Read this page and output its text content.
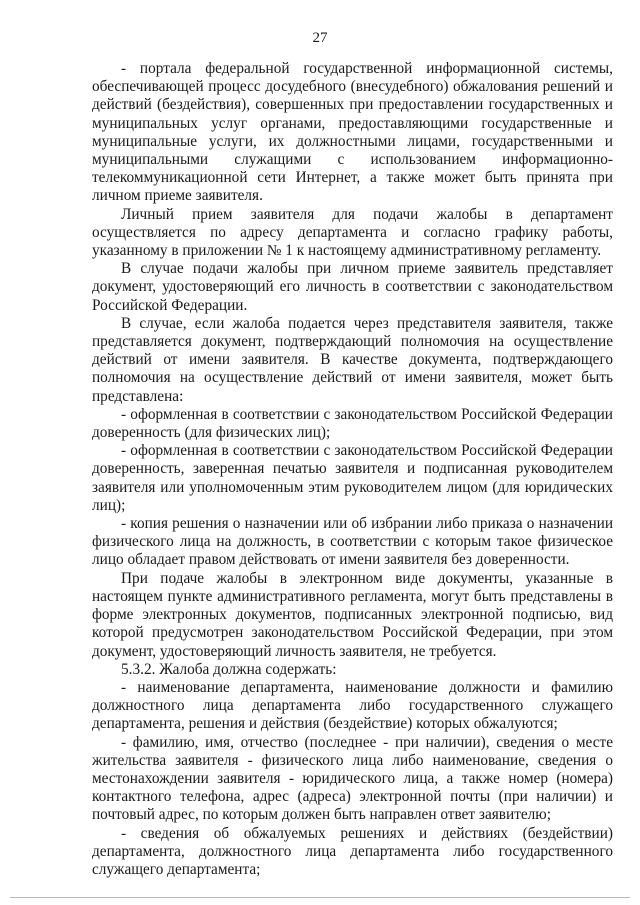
27

- портала федеральной государственной информационной системы, обеспечивающей процесс досудебного (внесудебного) обжалования решений и действий (бездействия), совершенных при предоставлении государственных и муниципальных услуг органами, предоставляющими государственные и муниципальные услуги, их должностными лицами, государственными и муниципальными служащими с использованием информационно-телекоммуникационной сети Интернет, а также может быть принята при личном приеме заявителя.

Личный прием заявителя для подачи жалобы в департамент осуществляется по адресу департамента и согласно графику работы, указанному в приложении № 1 к настоящему административному регламенту.

В случае подачи жалобы при личном приеме заявитель представляет документ, удостоверяющий его личность в соответствии с законодательством Российской Федерации.

В случае, если жалоба подается через представителя заявителя, также представляется документ, подтверждающий полномочия на осуществление действий от имени заявителя. В качестве документа, подтверждающего полномочия на осуществление действий от имени заявителя, может быть представлена:

- оформленная в соответствии с законодательством Российской Федерации доверенность (для физических лиц);

- оформленная в соответствии с законодательством Российской Федерации доверенность, заверенная печатью заявителя и подписанная руководителем заявителя или уполномоченным этим руководителем лицом (для юридических лиц);

- копия решения о назначении или об избрании либо приказа о назначении физического лица на должность, в соответствии с которым такое физическое лицо обладает правом действовать от имени заявителя без доверенности.

При подаче жалобы в электронном виде документы, указанные в настоящем пункте административного регламента, могут быть представлены в форме электронных документов, подписанных электронной подписью, вид которой предусмотрен законодательством Российской Федерации, при этом документ, удостоверяющий личность заявителя, не требуется.

5.3.2. Жалоба должна содержать:

- наименование департамента, наименование должности и фамилию должностного лица департамента либо государственного служащего департамента, решения и действия (бездействие) которых обжалуются;

- фамилию, имя, отчество (последнее - при наличии), сведения о месте жительства заявителя - физического лица либо наименование, сведения о местонахождении заявителя - юридического лица, а также номер (номера) контактного телефона, адрес (адреса) электронной почты (при наличии) и почтовый адрес, по которым должен быть направлен ответ заявителю;

- сведения об обжалуемых решениях и действиях (бездействии) департамента, должностного лица департамента либо государственного служащего департамента;
